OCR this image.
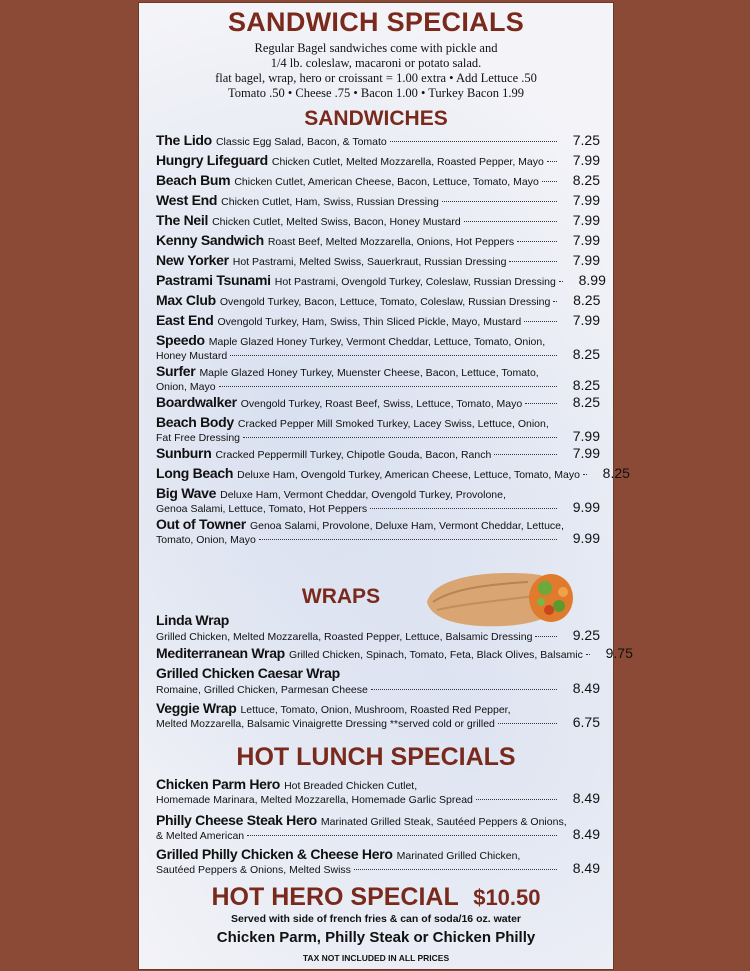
SANDWICH SPECIALS
Regular Bagel sandwiches come with pickle and
1/4 lb. coleslaw, macaroni or potato salad.
flat bagel, wrap, hero or croissant = 1.00 extra • Add Lettuce .50
Tomato .50 • Cheese .75 • Bacon 1.00 • Turkey Bacon 1.99
SANDWICHES
The Lido Classic Egg Salad, Bacon, & Tomato	7.25
Hungry Lifeguard Chicken Cutlet, Melted Mozzarella, Roasted Pepper, Mayo	7.99
Beach Bum Chicken Cutlet, American Cheese, Bacon, Lettuce, Tomato, Mayo	8.25
West End Chicken Cutlet, Ham, Swiss, Russian Dressing	7.99
The Neil Chicken Cutlet, Melted Swiss, Bacon, Honey Mustard	7.99
Kenny Sandwich Roast Beef, Melted Mozzarella, Onions, Hot Peppers	7.99
New Yorker Hot Pastrami, Melted Swiss, Sauerkraut, Russian Dressing	7.99
Pastrami Tsunami Hot Pastrami, Ovengold Turkey, Coleslaw, Russian Dressing	8.99
Max Club Ovengold Turkey, Bacon, Lettuce, Tomato, Coleslaw, Russian Dressing	8.25
East End Ovengold Turkey, Ham, Swiss, Thin Sliced Pickle, Mayo, Mustard	7.99
Speedo Maple Glazed Honey Turkey, Vermont Cheddar, Lettuce, Tomato, Onion,
Honey Mustard	8.25
Surfer Maple Glazed Honey Turkey, Muenster Cheese, Bacon, Lettuce, Tomato,
Onion, Mayo	8.25
Boardwalker Ovengold Turkey, Roast Beef, Swiss, Lettuce, Tomato, Mayo	8.25
Beach Body Cracked Pepper Mill Smoked Turkey, Lacey Swiss, Lettuce, Onion,
Fat Free Dressing	7.99
Sunburn Cracked Peppermill Turkey, Chipotle Gouda, Bacon, Ranch	7.99
Long Beach Deluxe Ham, Ovengold Turkey, American Cheese, Lettuce, Tomato, Mayo	8.25
Big Wave Deluxe Ham, Vermont Cheddar, Ovengold Turkey, Provolone,
Genoa Salami, Lettuce, Tomato, Hot Peppers	9.99
Out of Towner Genoa Salami, Provolone, Deluxe Ham, Vermont Cheddar, Lettuce,
Tomato, Onion, Mayo	9.99
WRAPS
Linda Wrap
Grilled Chicken, Melted Mozzarella, Roasted Pepper, Lettuce, Balsamic Dressing	9.25
Mediterranean Wrap Grilled Chicken, Spinach, Tomato, Feta, Black Olives, Balsamic	9.75
Grilled Chicken Caesar Wrap
Romaine, Grilled Chicken, Parmesan Cheese	8.49
Veggie Wrap Lettuce, Tomato, Onion, Mushroom, Roasted Red Pepper,
Melted Mozzarella, Balsamic Vinaigrette Dressing **served cold or grilled	6.75
HOT LUNCH SPECIALS
Chicken Parm Hero Hot Breaded Chicken Cutlet,
Homemade Marinara, Melted Mozzarella, Homemade Garlic Spread	8.49
Philly Cheese Steak Hero Marinated Grilled Steak, Sautéed Peppers & Onions,
& Melted American	8.49
Grilled Philly Chicken & Cheese Hero Marinated Grilled Chicken,
Sautéed Peppers & Onions, Melted Swiss	8.49
HOT HERO SPECIAL $10.50
Served with side of french fries & can of soda/16 oz. water
Chicken Parm, Philly Steak or Chicken Philly
TAX NOT INCLUDED IN ALL PRICES
